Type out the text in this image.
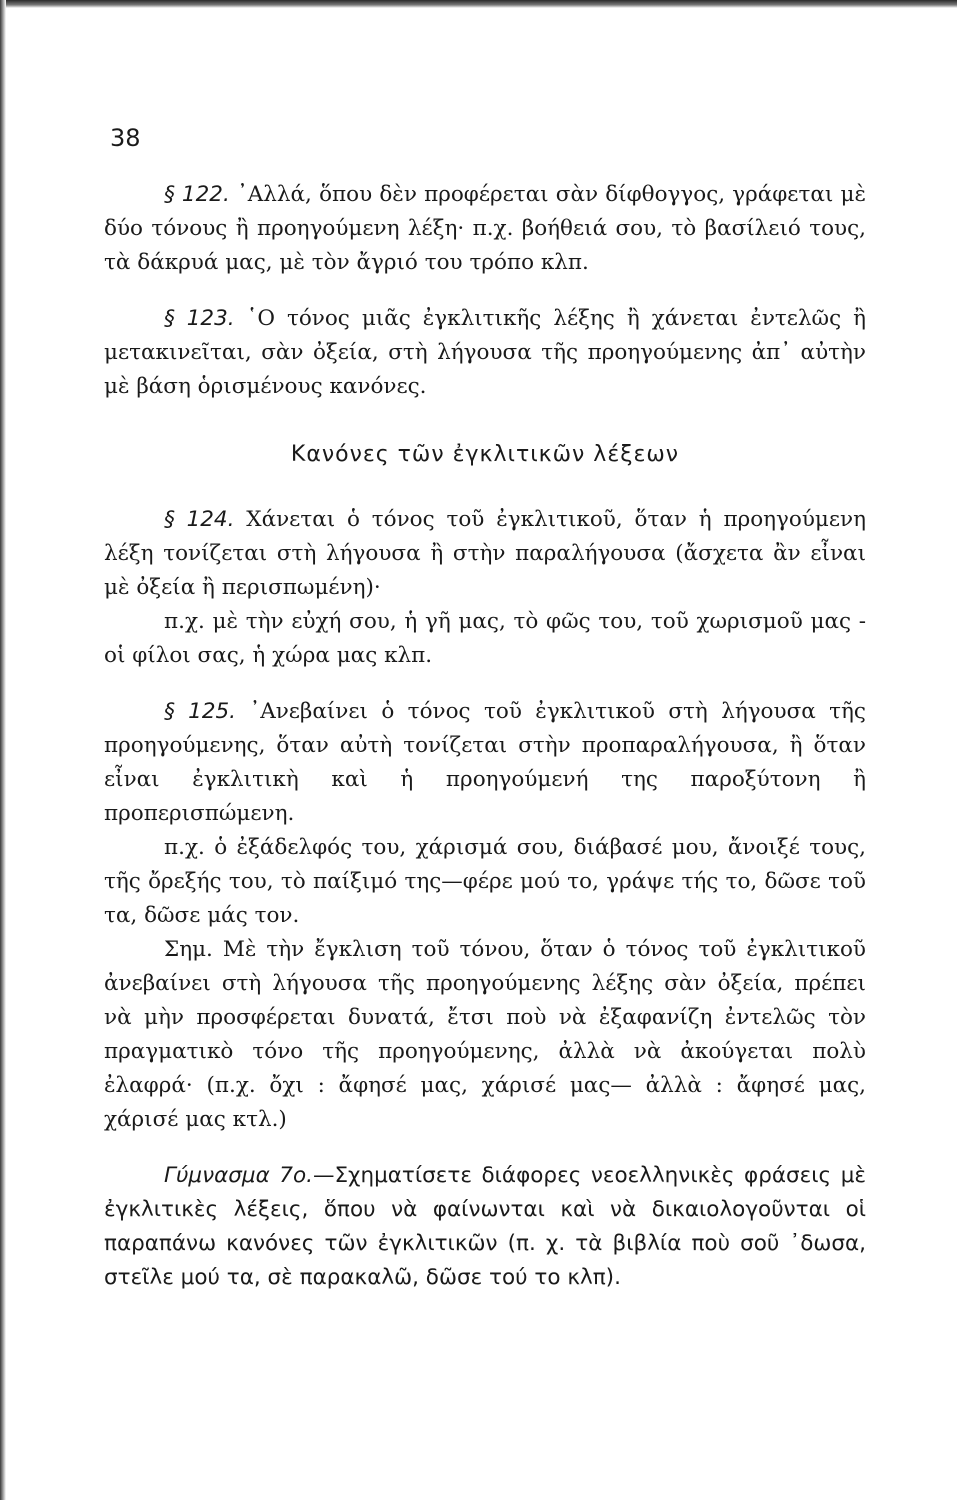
38

§ 122. ᾿Αλλά, ὅπου δὲν προφέρεται σὰν δίφθογγος, γράφεται μὲ δύο τόνους ἢ προηγούμενη λέξη· π.χ. βοήθειά σου, τὸ βασίλειό τους, τὰ δάκρυά μας, μὲ τὸν ἄγριό του τρόπο κλπ.

§ 123. ῾Ο τόνος μιᾶς ἐγκλιτικῆς λέξης ἢ χάνεται ἐντελῶς ἢ μετακινεῖται, σὰν ὀξεία, στὴ λήγουσα τῆς προηγούμενης ἀπ᾽ αὐτὴν μὲ βάση ὁρισμένους κανόνες.

Κανόνες τῶν ἐγκλιτικῶν λέξεων

§ 124. Χάνεται ὁ τόνος τοῦ ἐγκλιτικοῦ, ὅταν ἡ προηγούμενη λέξη τονίζεται στὴ λήγουσα ἢ στὴν παραλήγουσα (ἄσχετα ἂν εἶναι μὲ ὀξεία ἢ περισπωμένη)·

π.χ. μὲ τὴν εὐχή σου, ἡ γῆ μας, τὸ φῶς του, τοῦ χωρισμοῦ μας - οἱ φίλοι σας, ἡ χώρα μας κλπ.

§ 125. ᾿Ανεβαίνει ὁ τόνος τοῦ ἐγκλιτικοῦ στὴ λήγουσα τῆς προηγούμενης, ὅταν αὐτὴ τονίζεται στὴν προπαραλήγουσα, ἢ ὅταν εἶναι ἐγκλιτικὴ καὶ ἡ προηγούμενή της παροξύτονη ἢ προπερισπώμενη.

π.χ. ὁ ἐξάδελφός του, χάρισμά σου, διάβασέ μου, ἄνοιξέ τους, τῆς ὄρεξής του, τὸ παίξιμό της—φέρε μού το, γράψε τής το, δῶσε τοῦ τα, δῶσε μάς τον.

Σημ. Μὲ τὴν ἔγκλιση τοῦ τόνου, ὅταν ὁ τόνος τοῦ ἐγκλιτικοῦ ἀνεβαίνει στὴ λήγουσα τῆς προηγούμενης λέξης σὰν ὀξεία, πρέπει νὰ μὴν προσφέρεται δυνατά, ἔτσι ποὺ νὰ ἐξαφανίζη ἐντελῶς τὸν πραγματικὸ τόνο τῆς προηγούμενης, ἀλλὰ νὰ ἀκούγεται πολὺ ἐλαφρά· (π.χ. ὄχι : ἄφησέ μας, χάρισέ μας— ἀλλὰ : ἄφησέ μας, χάρισέ μας κτλ.)

Γύμνασμα 7ο.—Σχηματίσετε διάφορες νεοελληνικὲς φράσεις μὲ ἐγκλιτικὲς λέξεις, ὅπου νὰ φαίνωνται καὶ νὰ δικαιολογοῦνται οἱ παραπάνω κανόνες τῶν ἐγκλιτικῶν (π. χ. τὰ βιβλία ποὺ σοῦ ᾿δωσα, στεῖλε μού τα, σὲ παρακαλῶ, δῶσε τού το κλπ).
